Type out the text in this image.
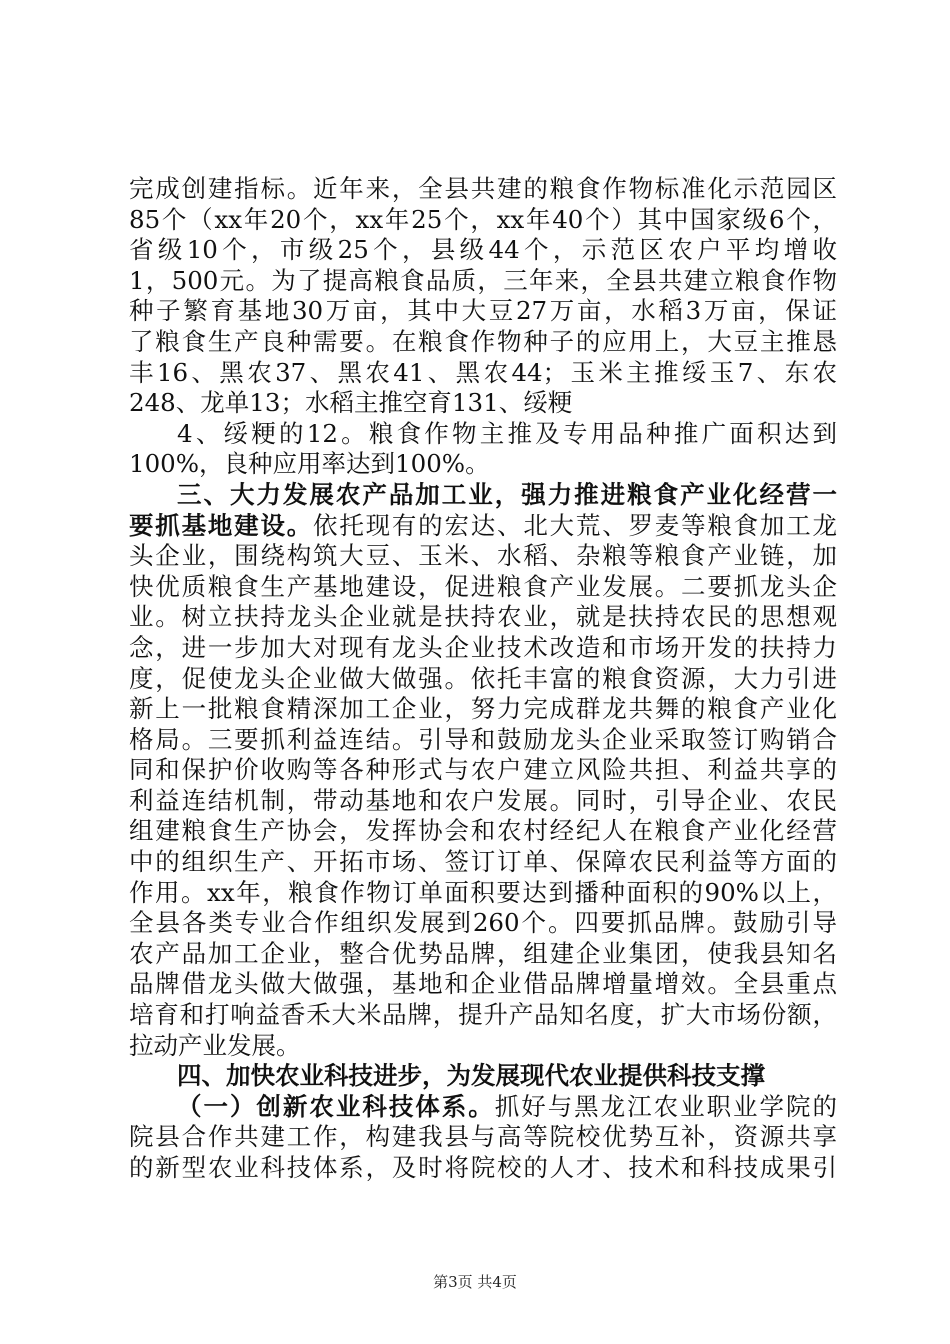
完成创建指标。近年来，全县共建的粮食作物标准化示范园区
85个（xx年20个，xx年25个，xx年40个）其中国家级6个，
省级10个，市级25个，县级44个，示范区农户平均增收
1，500元。为了提高粮食品质，三年来，全县共建立粮食作物
种子繁育基地30万亩，其中大豆27万亩，水稻3万亩，保证
了粮食生产良种需要。在粮食作物种子的应用上，大豆主推恳
丰16、黑农37、黑农41、黑农44；玉米主推绥玉7、东农
248、龙单13；水稻主推空育131、绥粳
4、绥粳的12。粮食作物主推及专用品种推广面积达到
100%，良种应用率达到100%。
三、大力发展农产品加工业，强力推进粮食产业化经营一
要抓基地建设。依托现有的宏达、北大荒、罗麦等粮食加工龙
头企业，围绕构筑大豆、玉米、水稻、杂粮等粮食产业链，加
快优质粮食生产基地建设，促进粮食产业发展。二要抓龙头企
业。树立扶持龙头企业就是扶持农业，就是扶持农民的思想观
念，进一步加大对现有龙头企业技术改造和市场开发的扶持力
度，促使龙头企业做大做强。依托丰富的粮食资源，大力引进
新上一批粮食精深加工企业，努力完成群龙共舞的粮食产业化
格局。三要抓利益连结。引导和鼓励龙头企业采取签订购销合
同和保护价收购等各种形式与农户建立风险共担、利益共享的
利益连结机制，带动基地和农户发展。同时，引导企业、农民
组建粮食生产协会，发挥协会和农村经纪人在粮食产业化经营
中的组织生产、开拓市场、签订订单、保障农民利益等方面的
作用。xx年，粮食作物订单面积要达到播种面积的90%以上，
全县各类专业合作组织发展到260个。四要抓品牌。鼓励引导
农产品加工企业，整合优势品牌，组建企业集团，使我县知名
品牌借龙头做大做强，基地和企业借品牌增量增效。全县重点
培育和打响益香禾大米品牌，提升产品知名度，扩大市场份额，
拉动产业发展。
四、加快农业科技进步，为发展现代农业提供科技支撑
（一）创新农业科技体系。抓好与黑龙江农业职业学院的
院县合作共建工作，构建我县与高等院校优势互补，资源共享
的新型农业科技体系，及时将院校的人才、技术和科技成果引
第3页 共4页
